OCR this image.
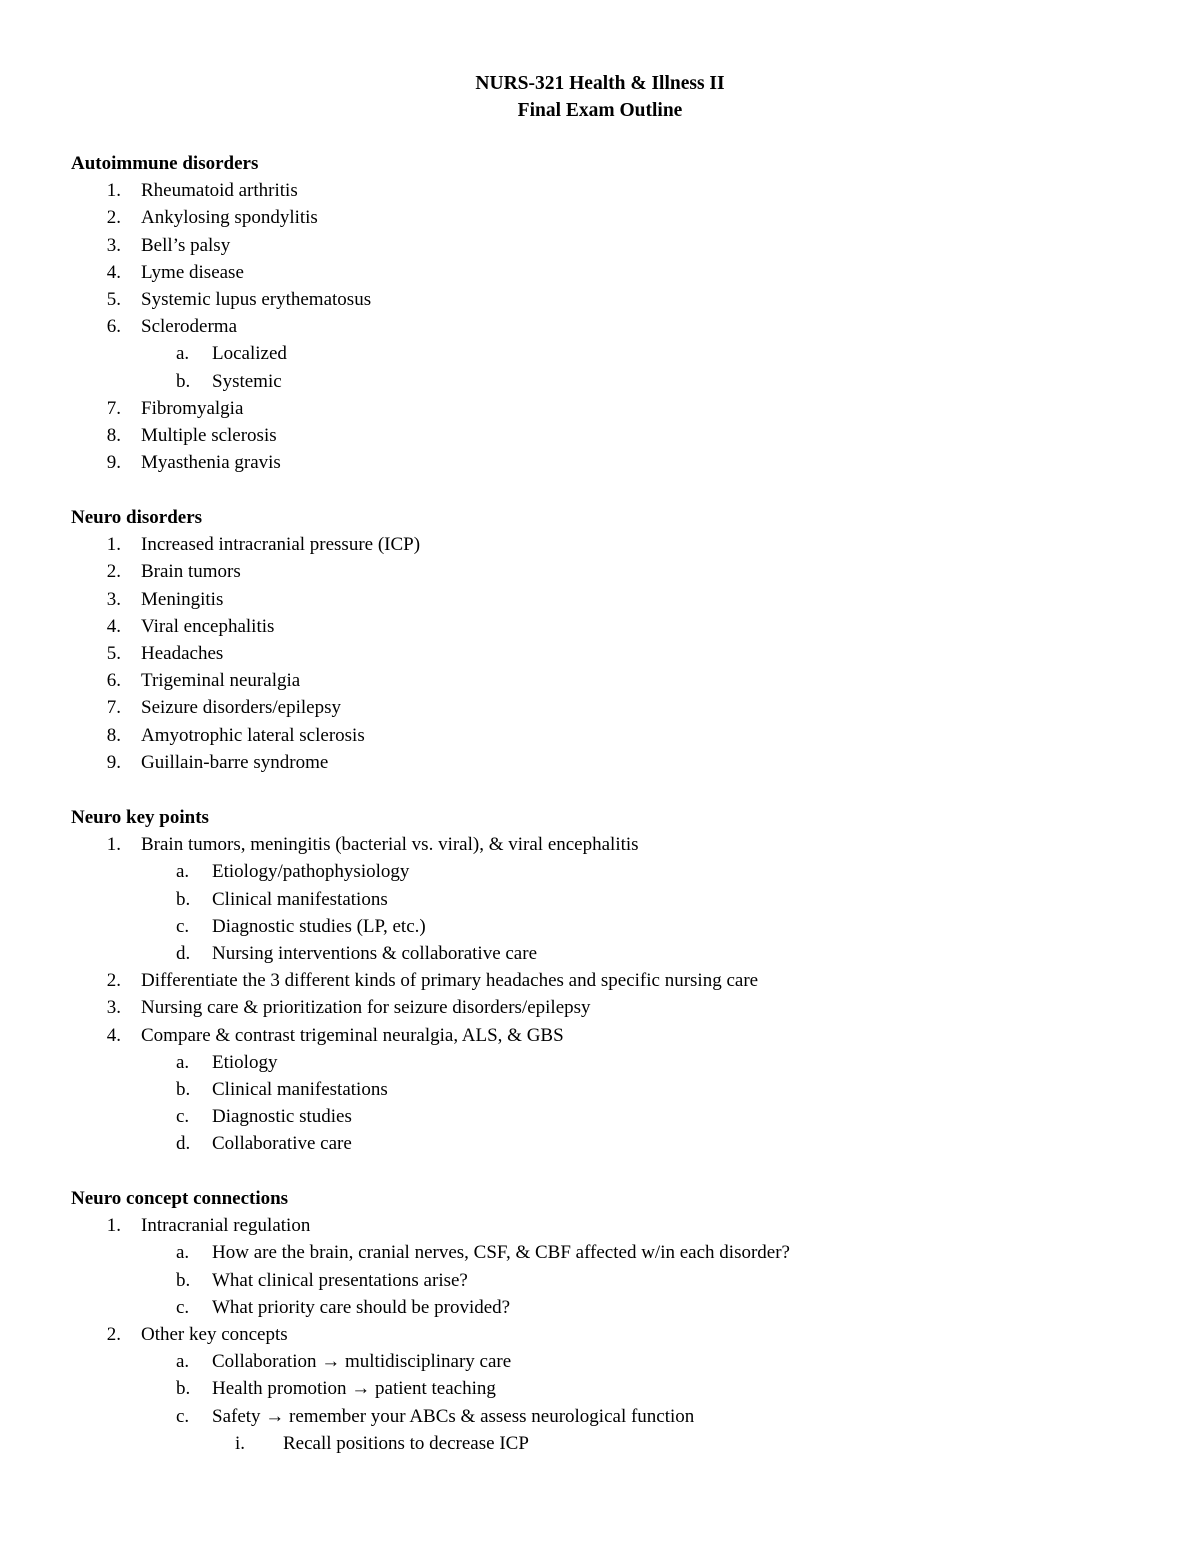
NURS-321 Health & Illness II
Final Exam Outline
Autoimmune disorders
1. Rheumatoid arthritis
2. Ankylosing spondylitis
3. Bell’s palsy
4. Lyme disease
5. Systemic lupus erythematosus
6. Scleroderma
a. Localized
b. Systemic
7. Fibromyalgia
8. Multiple sclerosis
9. Myasthenia gravis
Neuro disorders
1. Increased intracranial pressure (ICP)
2. Brain tumors
3. Meningitis
4. Viral encephalitis
5. Headaches
6. Trigeminal neuralgia
7. Seizure disorders/epilepsy
8. Amyotrophic lateral sclerosis
9. Guillain-barre syndrome
Neuro key points
1. Brain tumors, meningitis (bacterial vs. viral), & viral encephalitis
a. Etiology/pathophysiology
b. Clinical manifestations
c. Diagnostic studies (LP, etc.)
d. Nursing interventions & collaborative care
2. Differentiate the 3 different kinds of primary headaches and specific nursing care
3. Nursing care & prioritization for seizure disorders/epilepsy
4. Compare & contrast trigeminal neuralgia, ALS, & GBS
a. Etiology
b. Clinical manifestations
c. Diagnostic studies
d. Collaborative care
Neuro concept connections
1. Intracranial regulation
a. How are the brain, cranial nerves, CSF, & CBF affected w/in each disorder?
b. What clinical presentations arise?
c. What priority care should be provided?
2. Other key concepts
a. Collaboration → multidisciplinary care
b. Health promotion → patient teaching
c. Safety → remember your ABCs & assess neurological function
i.	Recall positions to decrease ICP
